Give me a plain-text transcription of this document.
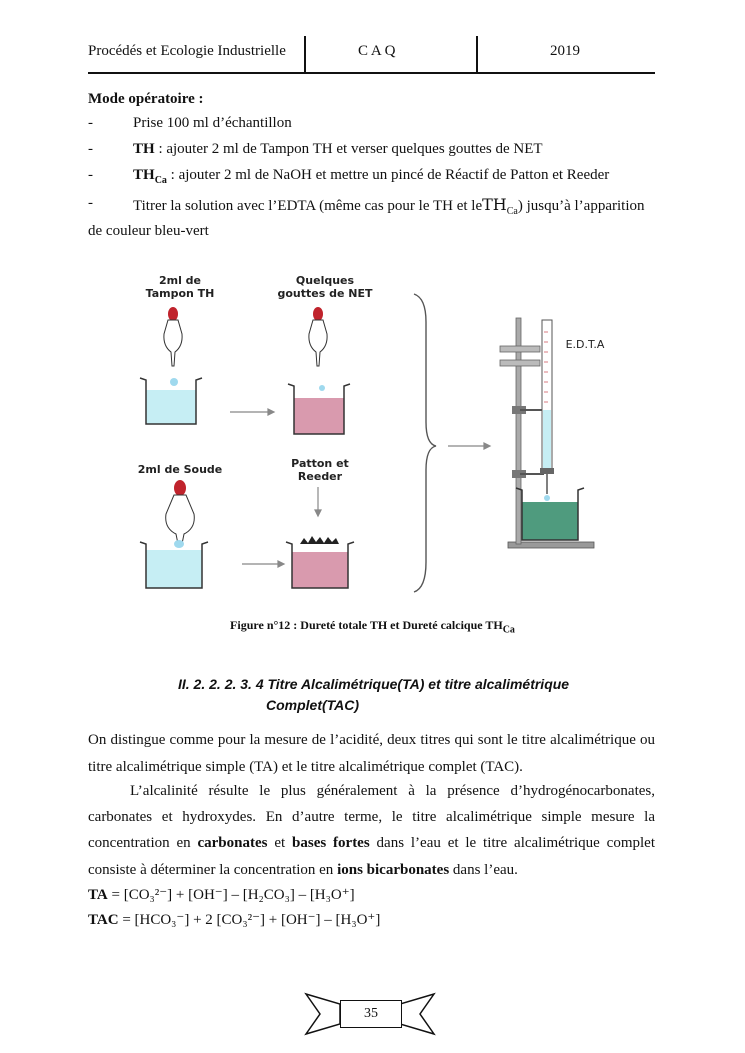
Procédés et Ecologie Industrielle	C A Q	2019
Mode opératoire :
-	Prise 100 ml d’échantillon
-	TH : ajouter 2 ml de Tampon TH et verser quelques gouttes de NET
-	$TH_{Ca}$ : ajouter 2 ml de NaOH et mettre un pincé de Réactif de Patton et Reeder
-	Titrer la solution avec l’EDTA (même cas pour le TH et leTH$_{Ca}$) jusqu’à l’apparition
de couleur bleu-vert
2ml de
Tampon TH
Quelques
gouttes de NET
2ml de Soude	Patton et
Reeder
E.D.T.A
Figure n°12 : Dureté totale TH et Dureté calcique $TH_{Ca}$
II. 2. 2. 2. 3. 4 Titre Alcalimétrique(TA) et titre alcalimétrique
Complet(TAC)
On distingue comme pour la mesure de l’acidité, deux titres qui sont le titre alcalimétrique ou
titre alcalimétrique simple (TA) et le titre alcalimétrique complet (TAC).
L’alcalinité résulte le plus généralement à la présence d’hydrogénocarbonates,
carbonates et hydroxydes. En d’autre terme, le titre alcalimétrique simple mesure la
concentration en carbonates et bases fortes dans l’eau et le titre alcalimétrique complet
consiste à déterminer la concentration en ions bicarbonates dans l’eau.
TA = [CO₃²⁻] + [OH⁻] – [H₂CO₃] – [H₃O⁺]
TAC = [HCO₃⁻] + 2 [CO₃²⁻] + [OH⁻] – [H₃O⁺]
35
